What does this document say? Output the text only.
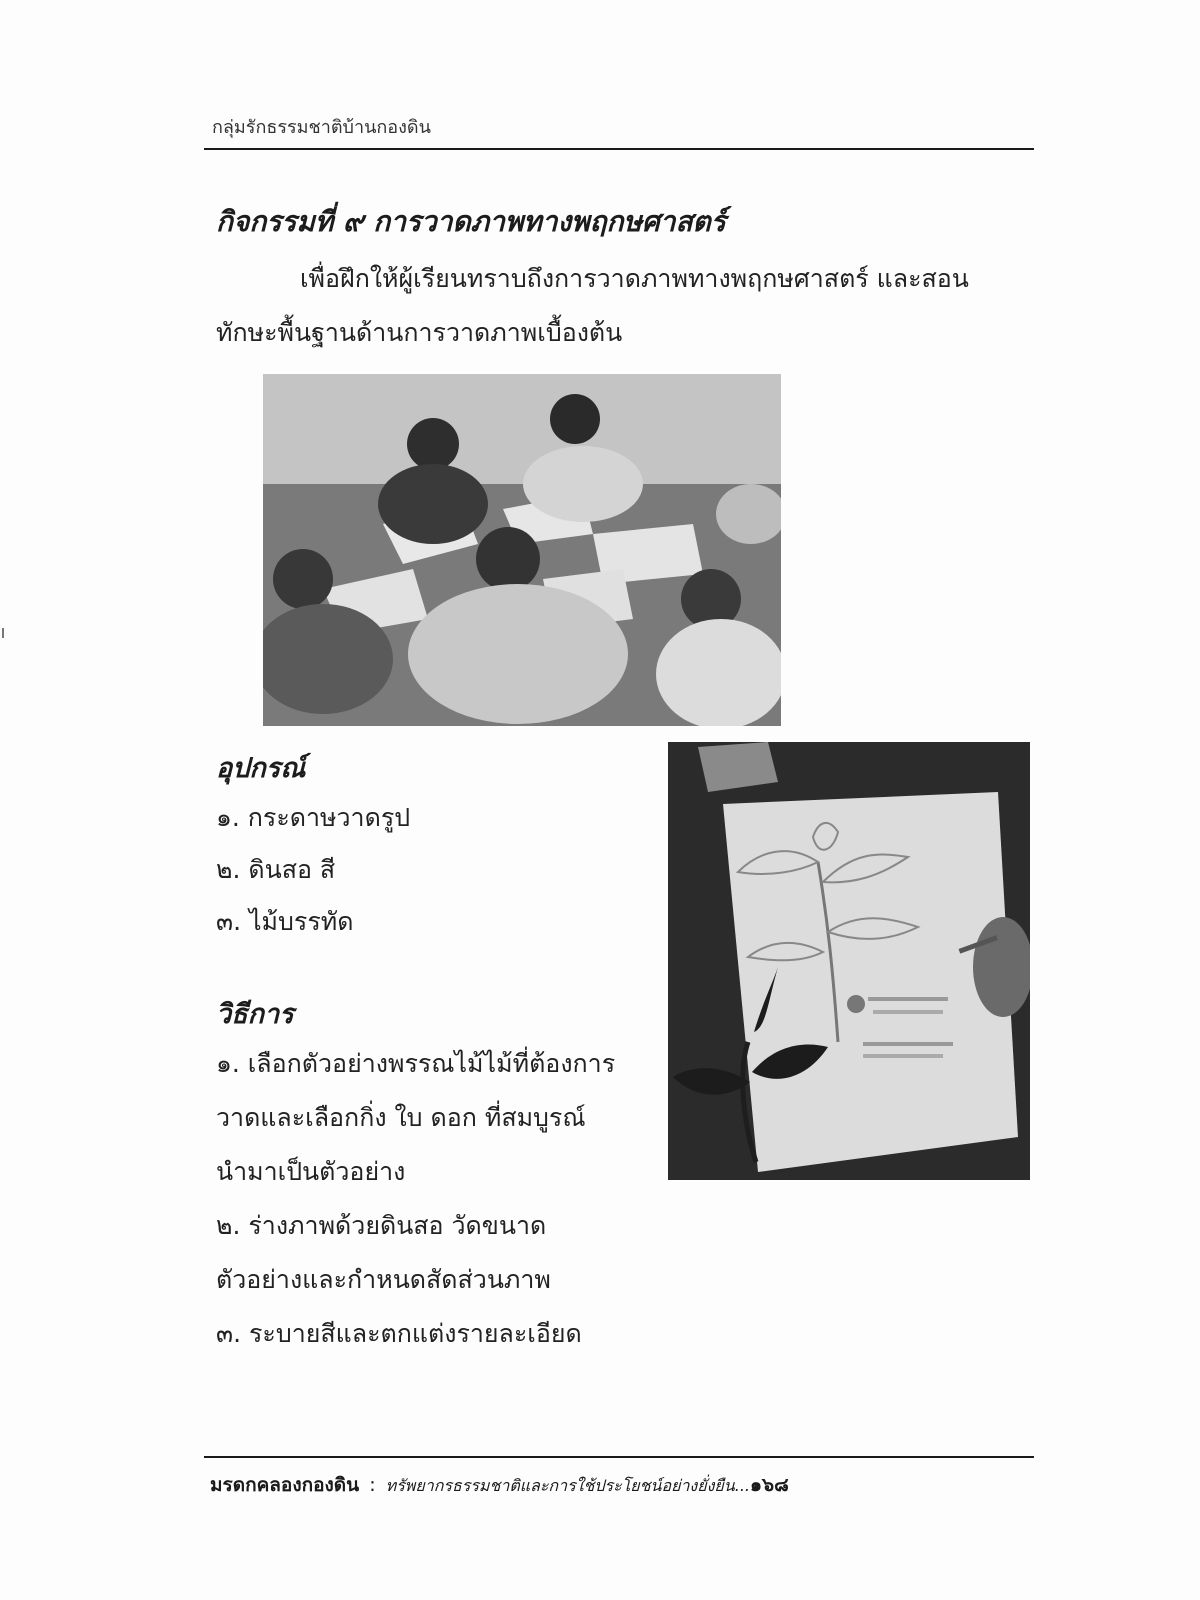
กลุ่มรักธรรมชาติบ้านกองดิน
กิจกรรมที่ ๙ การวาดภาพทางพฤกษศาสตร์
เพื่อฝึกให้ผู้เรียนทราบถึงการวาดภาพทางพฤกษศาสตร์ และสอน
ทักษะพื้นฐานด้านการวาดภาพเบื้องต้น
อุปกรณ์
๑. กระดาษวาดรูป
๒. ดินสอ สี
๓. ไม้บรรทัด
วิธีการ
๑. เลือกตัวอย่างพรรณไม้ไม้ที่ต้องการ
วาดและเลือกกิ่ง ใบ ดอก ที่สมบูรณ์
นำมาเป็นตัวอย่าง
๒. ร่างภาพด้วยดินสอ วัดขนาด
ตัวอย่างและกำหนดสัดส่วนภาพ
๓. ระบายสีและตกแต่งรายละเอียด
มรดกคลองกองดิน : ทรัพยากรธรรมชาติและการใช้ประโยชน์อย่างยั่งยืน...๑๖๘
